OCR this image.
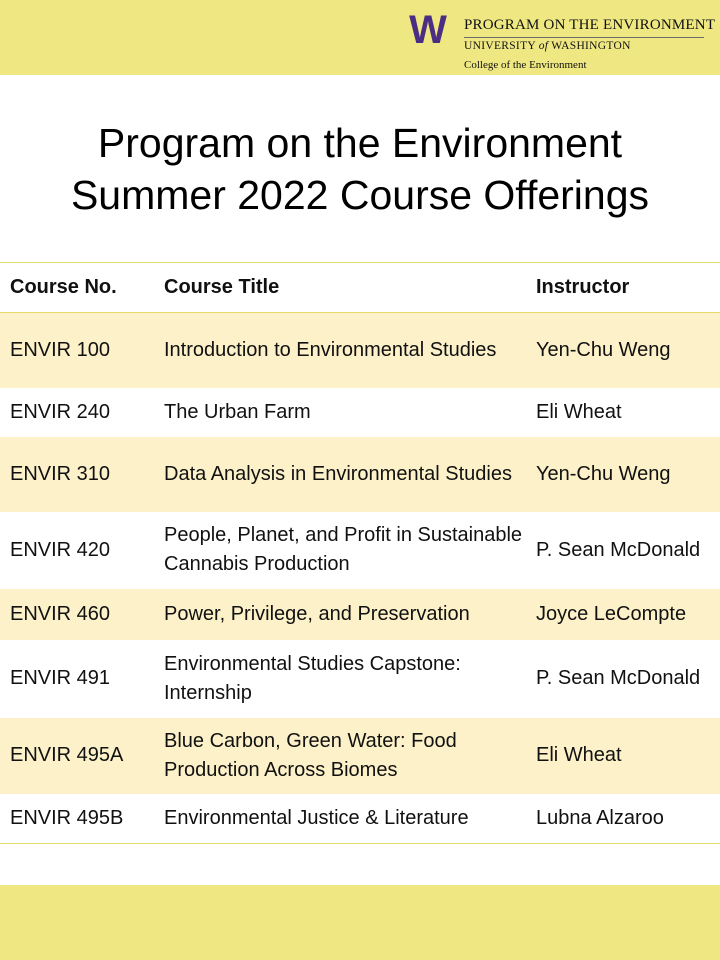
W PROGRAM ON THE ENVIRONMENT
UNIVERSITY of WASHINGTON
College of the Environment
Program on the Environment
Summer 2022 Course Offerings
Course No.	Course Title	Instructor
ENVIR 100	Introduction to Environmental Studies	Yen-Chu Weng
ENVIR 240	The Urban Farm	Eli Wheat
ENVIR 310	Data Analysis in Environmental Studies	Yen-Chu Weng
ENVIR 420	People, Planet, and Profit in Sustainable Cannabis Production	P. Sean McDonald
ENVIR 460	Power, Privilege, and Preservation	Joyce LeCompte
ENVIR 491	Environmental Studies Capstone: Internship	P. Sean McDonald
ENVIR 495A	Blue Carbon, Green Water: Food Production Across Biomes	Eli Wheat
ENVIR 495B	Environmental Justice & Literature	Lubna Alzaroo
